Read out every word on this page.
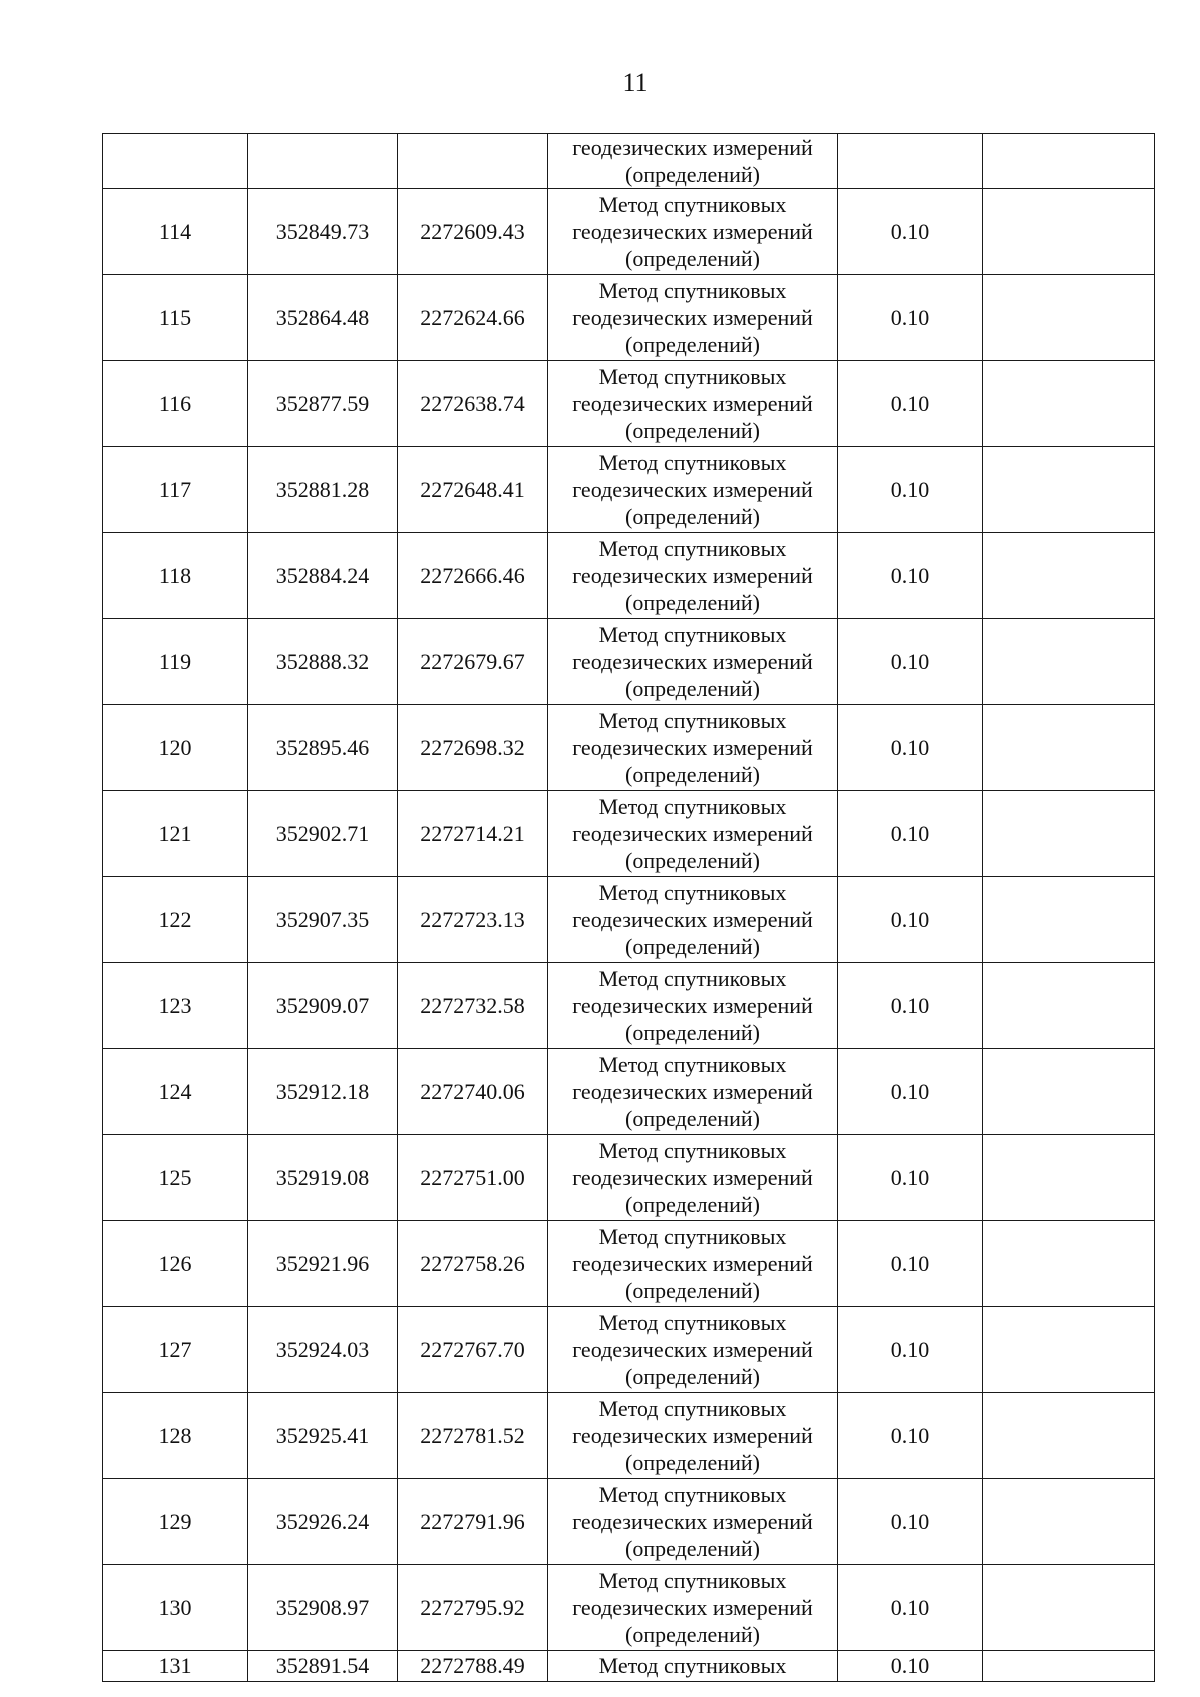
11

			геодезических измерений
(определений)		

114	352849.73	2272609.43	Метод спутниковых
геодезических измерений
(определений)	0.10	
115	352864.48	2272624.66	Метод спутниковых
геодезических измерений
(определений)	0.10	
116	352877.59	2272638.74	Метод спутниковых
геодезических измерений
(определений)	0.10	
117	352881.28	2272648.41	Метод спутниковых
геодезических измерений
(определений)	0.10	
118	352884.24	2272666.46	Метод спутниковых
геодезических измерений
(определений)	0.10	
119	352888.32	2272679.67	Метод спутниковых
геодезических измерений
(определений)	0.10	
120	352895.46	2272698.32	Метод спутниковых
геодезических измерений
(определений)	0.10	
121	352902.71	2272714.21	Метод спутниковых
геодезических измерений
(определений)	0.10	
122	352907.35	2272723.13	Метод спутниковых
геодезических измерений
(определений)	0.10	
123	352909.07	2272732.58	Метод спутниковых
геодезических измерений
(определений)	0.10	
124	352912.18	2272740.06	Метод спутниковых
геодезических измерений
(определений)	0.10	
125	352919.08	2272751.00	Метод спутниковых
геодезических измерений
(определений)	0.10	
126	352921.96	2272758.26	Метод спутниковых
геодезических измерений
(определений)	0.10	
127	352924.03	2272767.70	Метод спутниковых
геодезических измерений
(определений)	0.10	
128	352925.41	2272781.52	Метод спутниковых
геодезических измерений
(определений)	0.10	
129	352926.24	2272791.96	Метод спутниковых
геодезических измерений
(определений)	0.10	
130	352908.97	2272795.92	Метод спутниковых
геодезических измерений
(определений)	0.10	
131	352891.54	2272788.49	Метод спутниковых	0.10	
